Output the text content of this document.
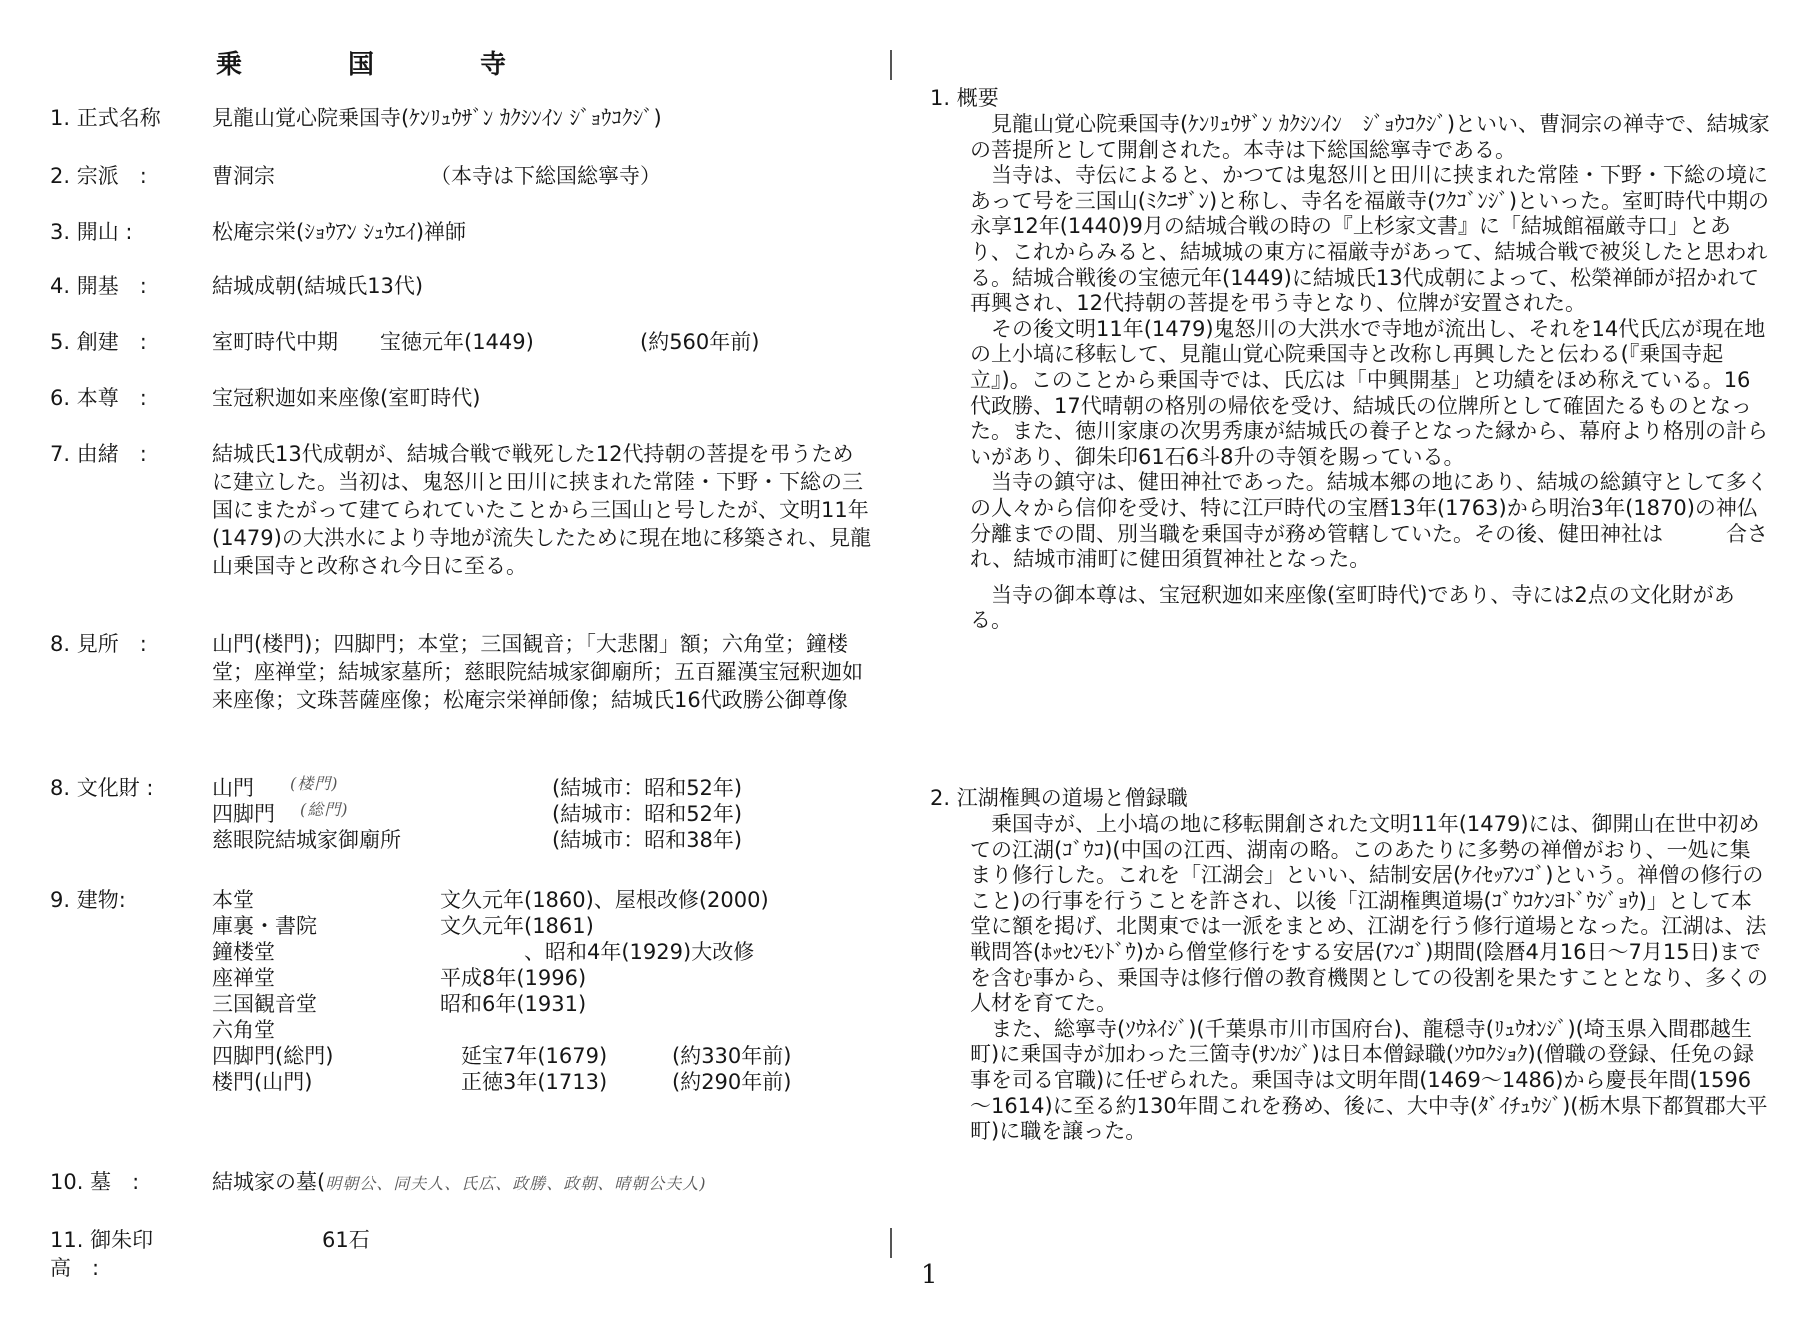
乗　国　寺
1. 正式名称	見龍山覚心院乗国寺(ｹﾝﾘｭｳｻﾞﾝ ｶｸｼﾝｲﾝ ｼﾞｮｳｺｸｼﾞ)
2. 宗派　:	曹洞宗	（本寺は下総国総寧寺）
3. 開山 :	松庵宗栄(ｼｮｳｱﾝ ｼｭｳｴｲ)禅師
4. 開基　:	結城成朝(結城氏13代)
5. 創建　:	室町時代中期　　宝徳元年(1449)	(約560年前)
6. 本尊　:	宝冠釈迦如来座像(室町時代)
7. 由緒　:	結城氏13代成朝が、結城合戦で戦死した12代持朝の菩提を弔うために建立した。当初は、鬼怒川と田川に挟まれた常陸・下野・下総の三国にまたがって建てられていたことから三国山と号したが、文明11年(1479)の大洪水により寺地が流失したために現在地に移築され、見龍山乗国寺と改称され今日に至る。
8. 見所　:	山門(楼門)；四脚門；本堂；三国観音；「大悲閣」額；六角堂；鐘楼堂；座禅堂；結城家墓所；慈眼院結城家御廟所；五百羅漢宝冠釈迦如来座像；文珠菩薩座像；松庵宗栄禅師像；結城氏16代政勝公御尊像
8. 文化財 :	山門 (楼門)	(結城市：昭和52年)
四脚門 (総門)	(結城市：昭和52年)
慈眼院結城家御廟所	(結城市：昭和38年)
9. 建物:	本堂	文久元年(1860)、屋根改修(2000)
庫裏・書院	文久元年(1861)
鐘楼堂	　　　　、昭和4年(1929)大改修
座禅堂	平成8年(1996)
三国観音堂	昭和6年(1931)
六角堂
四脚門(総門)	　延宝7年(1679)	(約330年前)
楼門(山門)	　正徳3年(1713)	(約290年前)
10. 墓　:	結城家の墓(明朝公、同夫人、氏広、政勝、政朝、晴朝公夫人)
11. 御朱印高　:
61石
1. 概要

見龍山覚心院乗国寺(ｹﾝﾘｭｳｻﾞﾝ ｶｸｼﾝｲﾝ　ｼﾞｮｳｺｸｼﾞ)といい、曹洞宗の禅寺で、結城家の菩提所として開創された。本寺は下総国総寧寺である。

当寺は、寺伝によると、かつては鬼怒川と田川に挟まれた常陸・下野・下総の境にあって号を三国山(ﾐｸﾆｻﾞﾝ)と称し、寺名を福厳寺(ﾌｸｺﾞﾝｼﾞ)といった。室町時代中期の永享12年(1440)9月の結城合戦の時の『上杉家文書』に「結城館福厳寺口」とあり、これからみると、結城城の東方に福厳寺があって、結城合戦で被災したと思われる。結城合戦後の宝徳元年(1449)に結城氏13代成朝によって、松榮禅師が招かれて再興され、12代持朝の菩提を弔う寺となり、位牌が安置された。

その後文明11年(1479)鬼怒川の大洪水で寺地が流出し、それを14代氏広が現在地の上小塙に移転して、見龍山覚心院乗国寺と改称し再興したと伝わる(『乗国寺起立』)。このことから乗国寺では、氏広は「中興開基」と功績をほめ称えている。16代政勝、17代晴朝の格別の帰依を受け、結城氏の位牌所として確固たるものとなった。また、徳川家康の次男秀康が結城氏の養子となった縁から、幕府より格別の計らいがあり、御朱印61石6斗8升の寺領を賜っている。

当寺の鎮守は、健田神社であった。結城本郷の地にあり、結城の総鎮守として多くの人々から信仰を受け、特に江戸時代の宝暦13年(1763)から明治3年(1870)の神仏分離までの間、別当職を乗国寺が務め管轄していた。その後、健田神社は　　　合され、結城市浦町に健田須賀神社となった。

当寺の御本尊は、宝冠釈迦如来座像(室町時代)であり、寺には2点の文化財がある。

2. 江湖権興の道場と僧録職

乗国寺が、上小塙の地に移転開創された文明11年(1479)には、御開山在世中初めての江湖(ｺﾞｳｺ)(中国の江西、湖南の略。このあたりに多勢の禅僧がおり、一処に集まり修行した。これを「江湖会」といい、結制安居(ｹｲｾｯｱﾝｺﾞ)という。禅僧の修行のこと)の行事を行うことを許され、以後「江湖権輿道場(ｺﾞｳｺｹﾝﾖﾄﾞｳｼﾞｮｳ)」として本堂に額を掲げ、北関東では一派をまとめ、江湖を行う修行道場となった。江湖は、法戦問答(ﾎｯｾﾝﾓﾝﾄﾞｳ)から僧堂修行をする安居(ｱﾝｺﾞ)期間(陰暦4月16日～7月15日)までを含む事から、乗国寺は修行僧の教育機関としての役割を果たすこととなり、多くの人材を育てた。

また、総寧寺(ｿｳﾈｲｼﾞ)(千葉県市川市国府台)、龍穏寺(ﾘｭｳｵﾝｼﾞ)(埼玉県入間郡越生町)に乗国寺が加わった三箇寺(ｻﾝｶｼﾞ)は日本僧録職(ｿｳﾛｸｼｮｸ)(僧職の登録、任免の録事を司る官職)に任ぜられた。乗国寺は文明年間(1469～1486)から慶長年間(1596～1614)に至る約130年間これを務め、後に、大中寺(ﾀﾞｲﾁｭｳｼﾞ)(栃木県下都賀郡大平町)に職を譲った。

1
